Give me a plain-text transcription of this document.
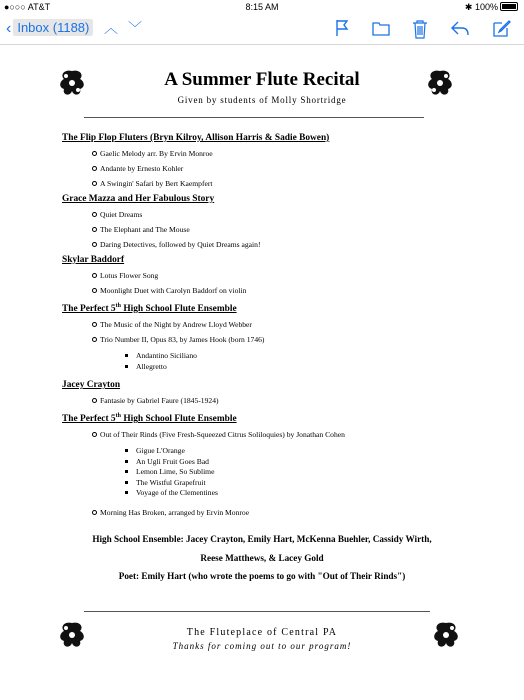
●○○○ AT&T	8:15 AM	✱ 100%
‹ Inbox (1188) ︿ ﹀
A Summer Flute Recital
Given by students of Molly Shortridge
The Flip Flop Fluters (Bryn Kilroy, Allison Harris & Sadie Bowen)
Gaelic Melody arr. By Ervin Monroe
Andante by Ernesto Kohler
A Swingin' Safari by Bert Kaempfert
Grace Mazza and Her Fabulous Story
Quiet Dreams
The Elephant and The Mouse
Daring Detectives, followed by Quiet Dreams again!
Skylar Baddorf
Lotus Flower Song
Moonlight Duet with Carolyn Baddorf on violin
The Perfect 5th High School Flute Ensemble
The Music of the Night by Andrew Lloyd Webber
Trio Number II, Opus 83, by James Hook (born 1746)
Andantino Siciliano
Allegretto
Jacey Crayton
Fantasie by Gabriel Faure (1845-1924)
The Perfect 5th High School Flute Ensemble
Out of Their Rinds (Five Fresh-Squeezed Citrus Soliloquies) by Jonathan Cohen
Gigue L'Orange
An Ugli Fruit Goes Bad
Lemon Lime, So Sublime
The Wistful Grapefruit
Voyage of the Clementines
Morning Has Broken, arranged by Ervin Monroe
High School Ensemble: Jacey Crayton, Emily Hart, McKenna Buehler, Cassidy Wirth,
Reese Matthews, & Lacey Gold
Poet: Emily Hart (who wrote the poems to go with "Out of Their Rinds")
The Fluteplace of Central PA
Thanks for coming out to our program!
